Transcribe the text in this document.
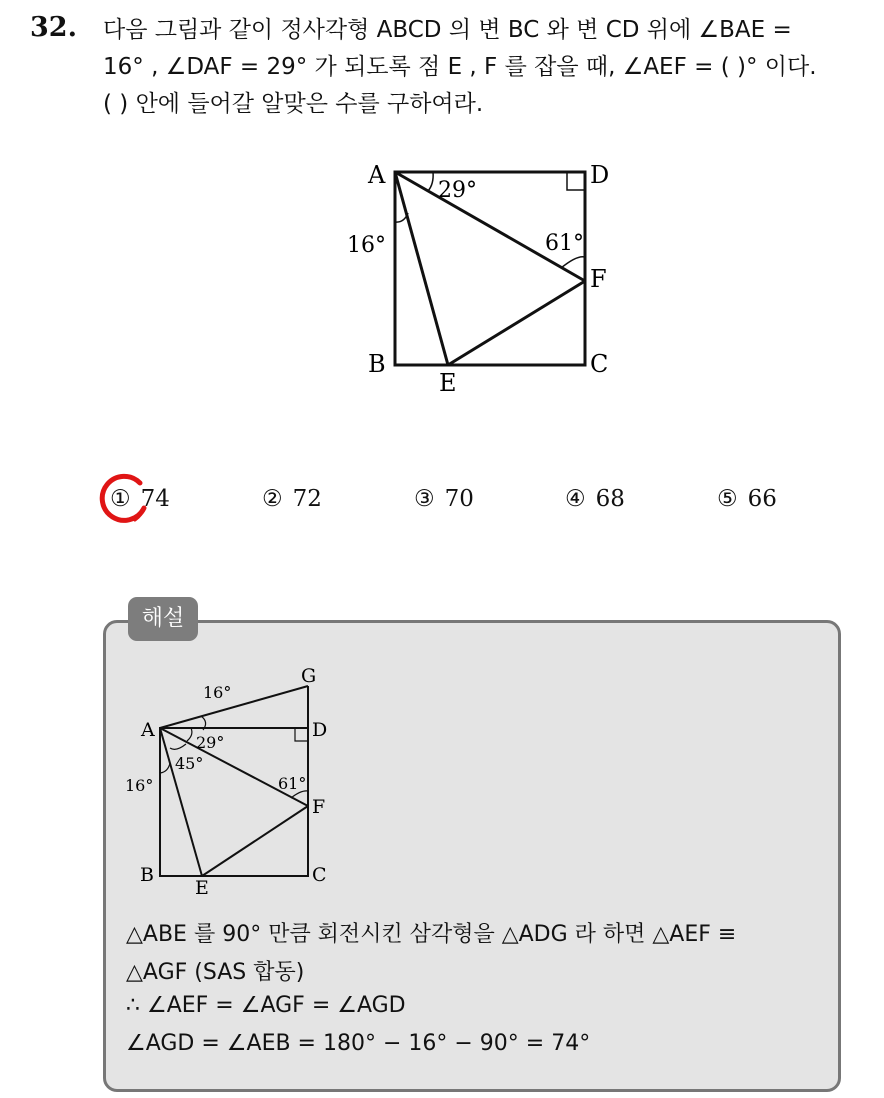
32. 다음 그림과 같이 정사각형 ABCD 의 변 BC 와 변 CD 위에 ∠BAE =
16° , ∠DAF = 29° 가 되도록 점 E , F 를 잡을 때, ∠AEF = ( )° 이다.
( ) 안에 들어갈 알맞은 수를 구하여라.
A	D
F
B	C
E
29°
16°	61°
① 74	② 72	③ 70	④ 68	⑤ 66
해설
G
A	D
F
B	C
E
16°
29°
45°
16°	61°
△ABE 를 90° 만큼 회전시킨 삼각형을 △ADG 라 하면 △AEF ≡
△AGF (SAS 합동)
∴ ∠AEF = ∠AGF = ∠AGD
∠AGD = ∠AEB = 180° − 16° − 90° = 74°
